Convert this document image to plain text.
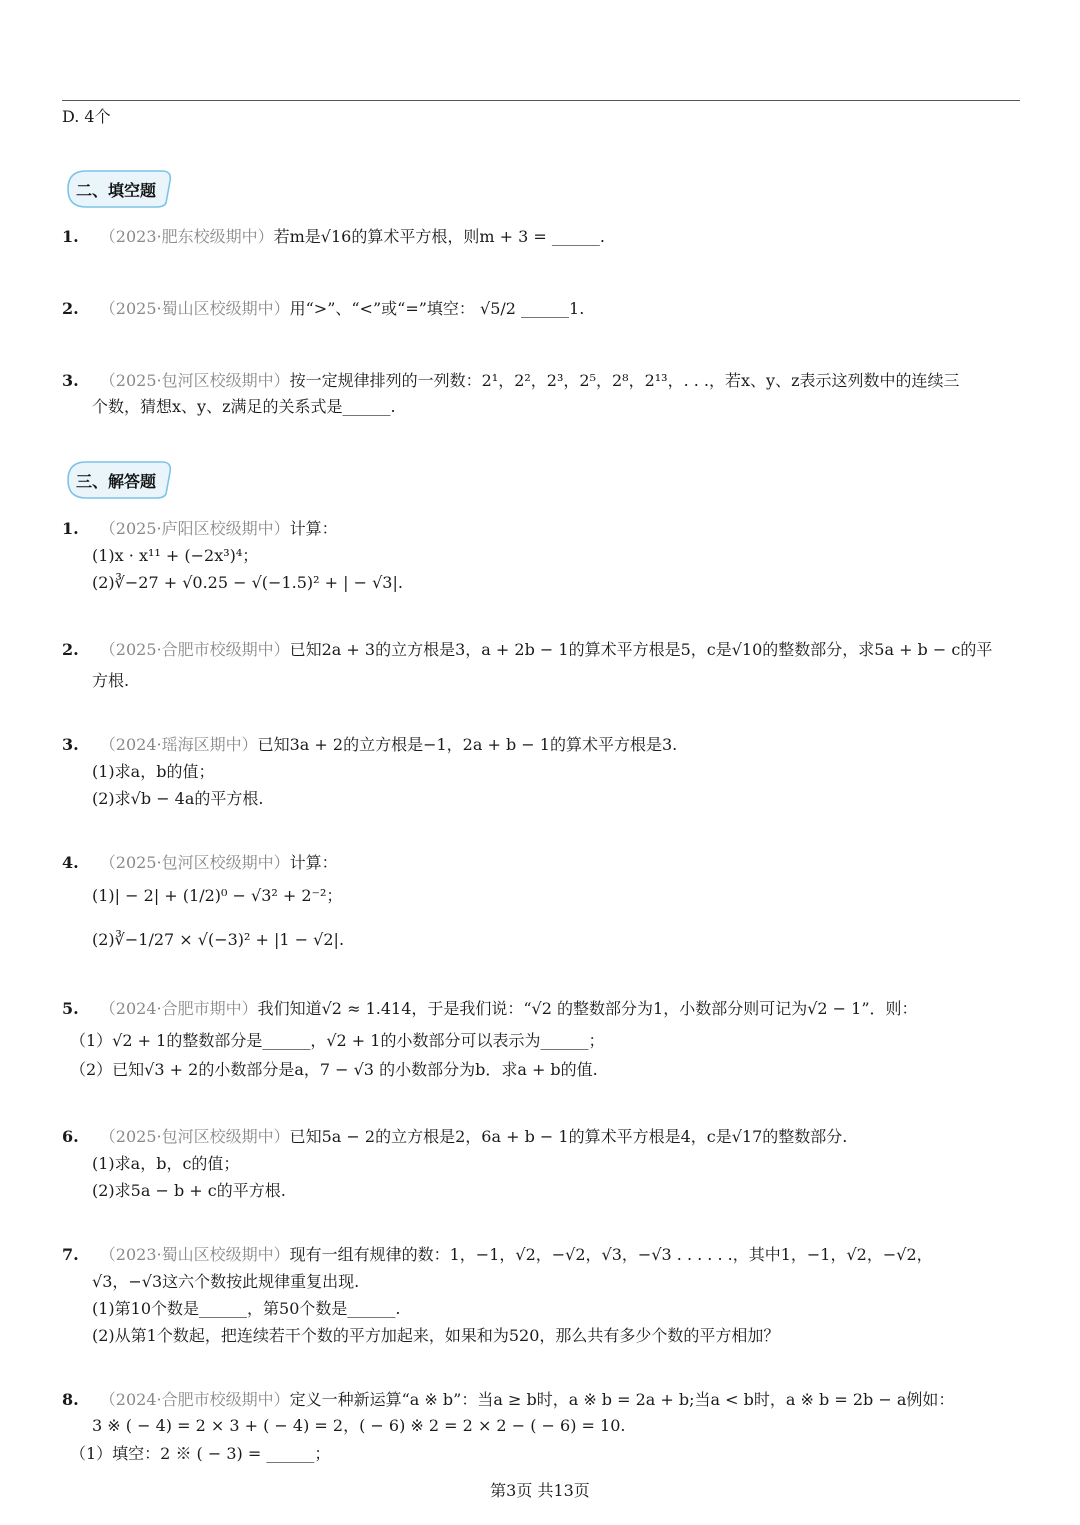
D. 4个
二、填空题
1. （2023·肥东校级期中）若m是√16的算术平方根，则m + 3 = ______.
2. （2025·蜀山区校级期中）用“>”、“<”或“=”填空： √5/2 ______1.
3. （2025·包河区校级期中）按一定规律排列的一列数：2¹，2²，2³，2⁵，2⁸，2¹³，. . .，若x、y、z表示这列数中的连续三
个数，猜想x、y、z满足的关系式是______.
三、解答题
1. （2025·庐阳区校级期中）计算：
(1)x · x¹¹ + (−2x³)⁴；
(2)∛−27 + √0.25 − √(−1.5)² + | − √3|.
2. （2025·合肥市校级期中）已知2a + 3的立方根是3，a + 2b − 1的算术平方根是5，c是√10的整数部分，求5a + b − c的平
方根.
3. （2024·瑶海区期中）已知3a + 2的立方根是−1，2a + b − 1的算术平方根是3.
(1)求a，b的值；
(2)求√b − 4a的平方根.
4. （2025·包河区校级期中）计算：
(1)| − 2| + (1/2)⁰ − √3² + 2⁻²；
(2)∛−1/27 × √(−3)² + |1 − √2|.
5. （2024·合肥市期中）我们知道√2 ≈ 1.414，于是我们说：“√2 的整数部分为1，小数部分则可记为√2 − 1”．则：
（1）√2 + 1的整数部分是______，√2 + 1的小数部分可以表示为______；
（2）已知√3 + 2的小数部分是a，7 − √3 的小数部分为b．求a + b的值.
6. （2025·包河区校级期中）已知5a − 2的立方根是2，6a + b − 1的算术平方根是4，c是√17的整数部分.
(1)求a，b，c的值；
(2)求5a − b + c的平方根.
7. （2023·蜀山区校级期中）现有一组有规律的数：1，−1，√2，−√2，√3，−√3 . . . . . .，其中1，−1，√2，−√2，
√3，−√3这六个数按此规律重复出现.
(1)第10个数是______，第50个数是______.
(2)从第1个数起，把连续若干个数的平方加起来，如果和为520，那么共有多少个数的平方相加？
8. （2024·合肥市校级期中）定义一种新运算“a ※ b”：当a ≥ b时，a ※ b = 2a + b;当a < b时，a ※ b = 2b − a例如：
3 ※ ( − 4) = 2 × 3 + ( − 4) = 2，( − 6) ※ 2 = 2 × 2 − ( − 6) = 10.
（1）填空：2 ※ ( − 3) = ______；
第3页 共13页
